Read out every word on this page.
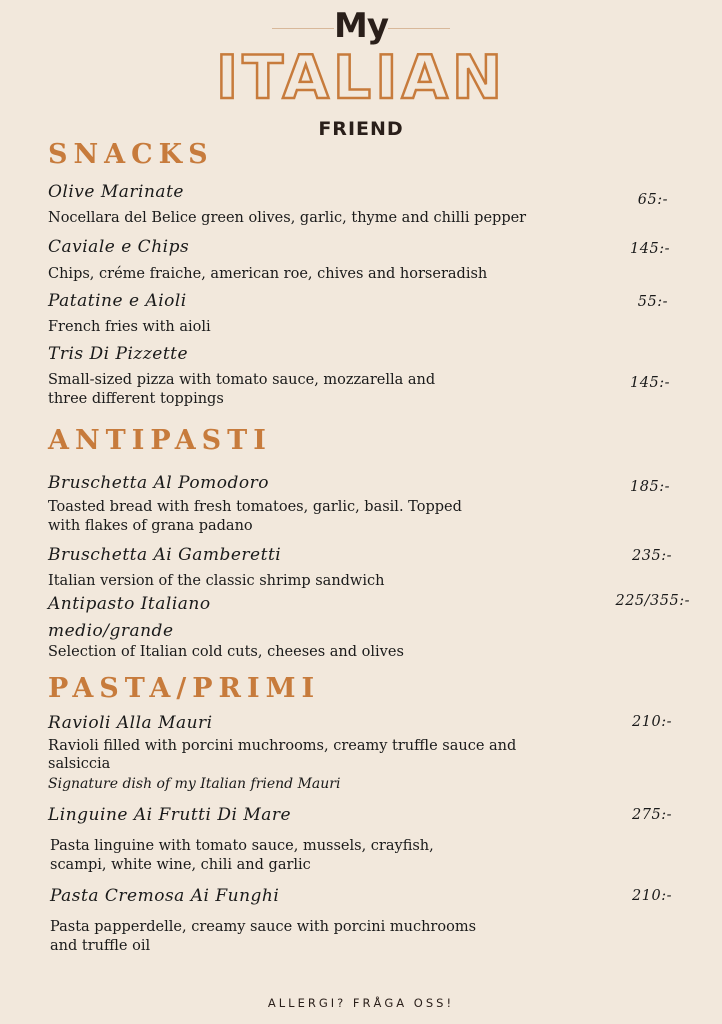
My
ITALIAN
FRIEND
SNACKS
Olive Marinate
Nocellara del Belice green olives, garlic, thyme and chilli pepper
65:-
Caviale e Chips
Chips, créme fraiche, american roe, chives and horseradish
145:-
Patatine e Aioli
French fries with aioli
55:-
Tris Di Pizzette
Small-sized pizza with tomato sauce, mozzarella and
three different toppings
145:-
ANTIPASTI
Bruschetta Al Pomodoro
Toasted bread with fresh tomatoes, garlic, basil. Topped
with flakes of grana padano
185:-
Bruschetta Ai Gamberetti
Italian version of the classic shrimp sandwich
235:-
Antipasto Italiano
medio/grande
Selection of Italian cold cuts, cheeses and olives
225/355:-
PASTA/PRIMI
Ravioli Alla Mauri
Ravioli filled with porcini muchrooms, creamy truffle sauce and
salsiccia
Signature dish of my Italian friend Mauri
210:-
Linguine Ai Frutti Di Mare
Pasta linguine with tomato sauce, mussels, crayfish,
scampi, white wine, chili and garlic
275:-
Pasta Cremosa Ai Funghi
Pasta papperdelle, creamy sauce with porcini muchrooms
and truffle oil
210:-
ALLERGI? FRÅGA OSS!
